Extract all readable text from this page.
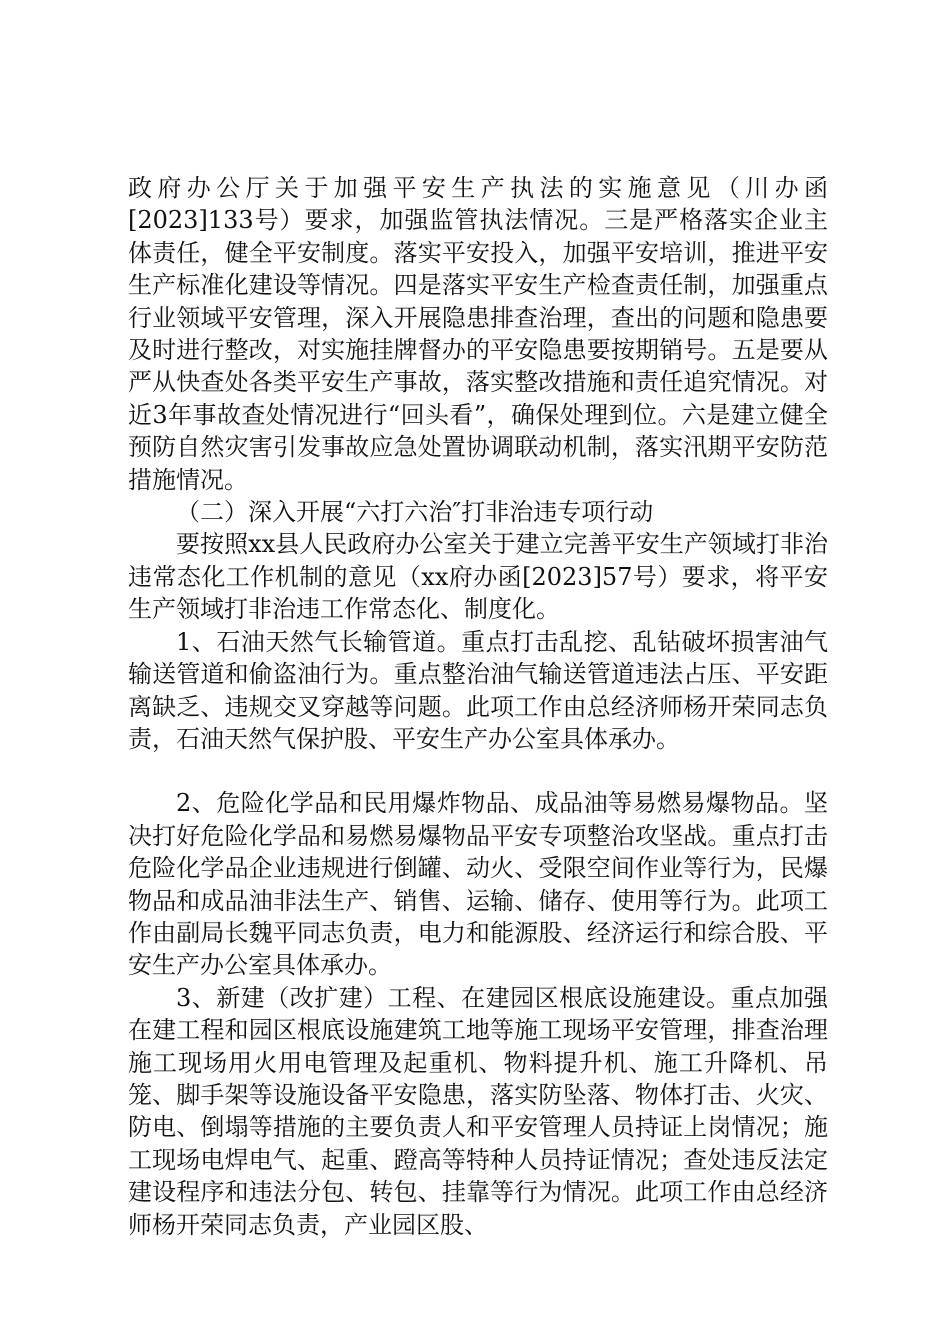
政府办公厅关于加强平安生产执法的实施意见（川办函[2023]133号）要求，加强监管执法情况。三是严格落实企业主体责任，健全平安制度。落实平安投入，加强平安培训，推进平安生产标准化建设等情况。四是落实平安生产检查责任制，加强重点行业领域平安管理，深入开展隐患排查治理，查出的问题和隐患要及时进行整改，对实施挂牌督办的平安隐患要按期销号。五是要从严从快查处各类平安生产事故，落实整改措施和责任追究情况。对近3年事故查处情况进行“回头看”，确保处理到位。六是建立健全预防自然灾害引发事故应急处置协调联动机制，落实汛期平安防范措施情况。

（二）深入开展“六打六治″打非治违专项行动

要按照xx县人民政府办公室关于建立完善平安生产领域打非治违常态化工作机制的意见（xx府办函[2023]57号）要求，将平安生产领域打非治违工作常态化、制度化。

1、石油天然气长输管道。重点打击乱挖、乱钻破坏损害油气输送管道和偷盗油行为。重点整治油气输送管道违法占压、平安距离缺乏、违规交叉穿越等问题。此项工作由总经济师杨开荣同志负责，石油天然气保护股、平安生产办公室具体承办。

2、危险化学品和民用爆炸物品、成品油等易燃易爆物品。坚决打好危险化学品和易燃易爆物品平安专项整治攻坚战。重点打击危险化学品企业违规进行倒罐、动火、受限空间作业等行为，民爆物品和成品油非法生产、销售、运输、储存、使用等行为。此项工作由副局长魏平同志负责，电力和能源股、经济运行和综合股、平安生产办公室具体承办。

3、新建（改扩建）工程、在建园区根底设施建设。重点加强在建工程和园区根底设施建筑工地等施工现场平安管理，排查治理施工现场用火用电管理及起重机、物料提升机、施工升降机、吊笼、脚手架等设施设备平安隐患，落实防坠落、物体打击、火灾、防电、倒塌等措施的主要负责人和平安管理人员持证上岗情况；施工现场电焊电气、起重、蹬高等特种人员持证情况；查处违反法定建设程序和违法分包、转包、挂靠等行为情况。此项工作由总经济师杨开荣同志负责，产业园区股、
